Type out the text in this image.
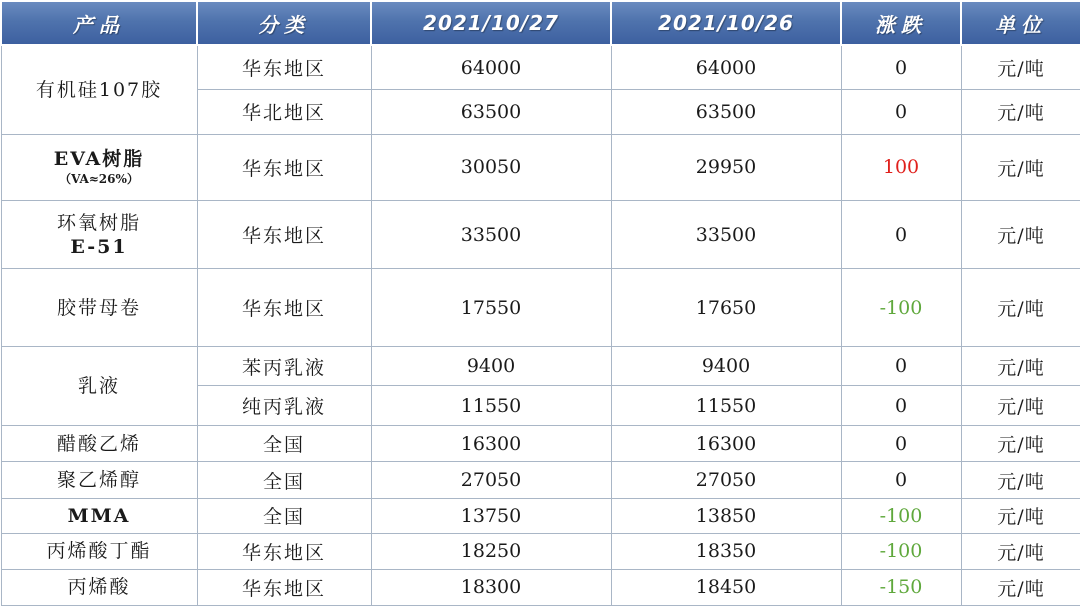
产品	分类	2021/10/27	2021/10/26	涨跌	单位

有机硅107胶	华东地区	64000	64000	0	元/吨
	华北地区	63500	63500	0	元/吨

EVA树脂
（VA≈26%）	华东地区	30050	29950	100	元/吨

环氧树脂
E-51	华东地区	33500	33500	0	元/吨

胶带母卷	华东地区	17550	17650	-100	元/吨

乳液	苯丙乳液	9400	9400	0	元/吨
	纯丙乳液	11550	11550	0	元/吨

醋酸乙烯	全国	16300	16300	0	元/吨

聚乙烯醇	全国	27050	27050	0	元/吨

MMA	全国	13750	13850	-100	元/吨

丙烯酸丁酯	华东地区	18250	18350	-100	元/吨

丙烯酸	华东地区	18300	18450	-150	元/吨
